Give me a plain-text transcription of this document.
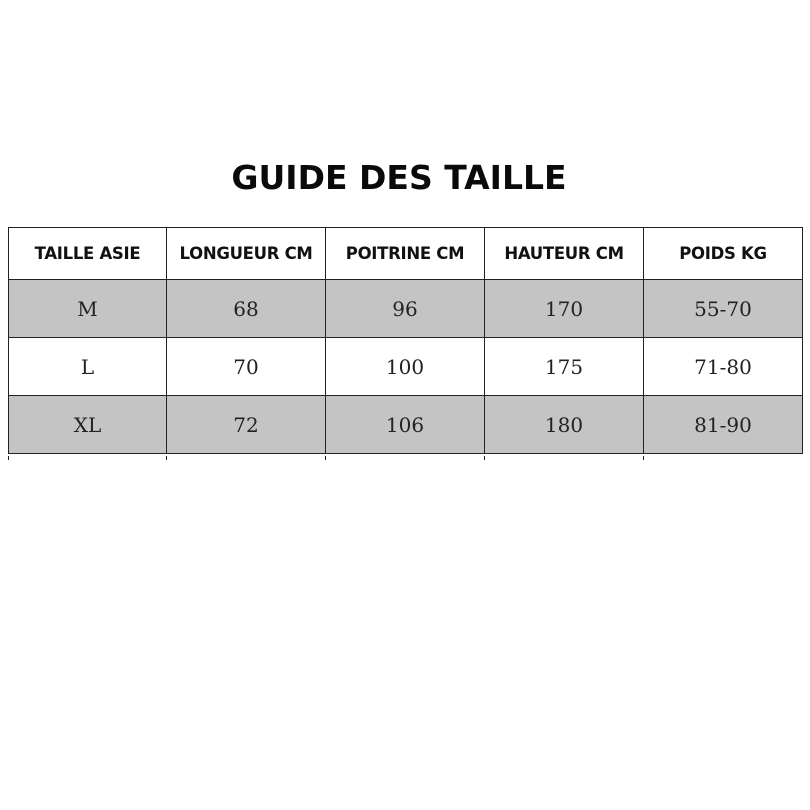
GUIDE DES TAILLE
TAILLE ASIE	LONGUEUR CM	POITRINE CM	HAUTEUR CM	POIDS KG
M	68	96	170	55-70
L	70	100	175	71-80
XL	72	106	180	81-90
